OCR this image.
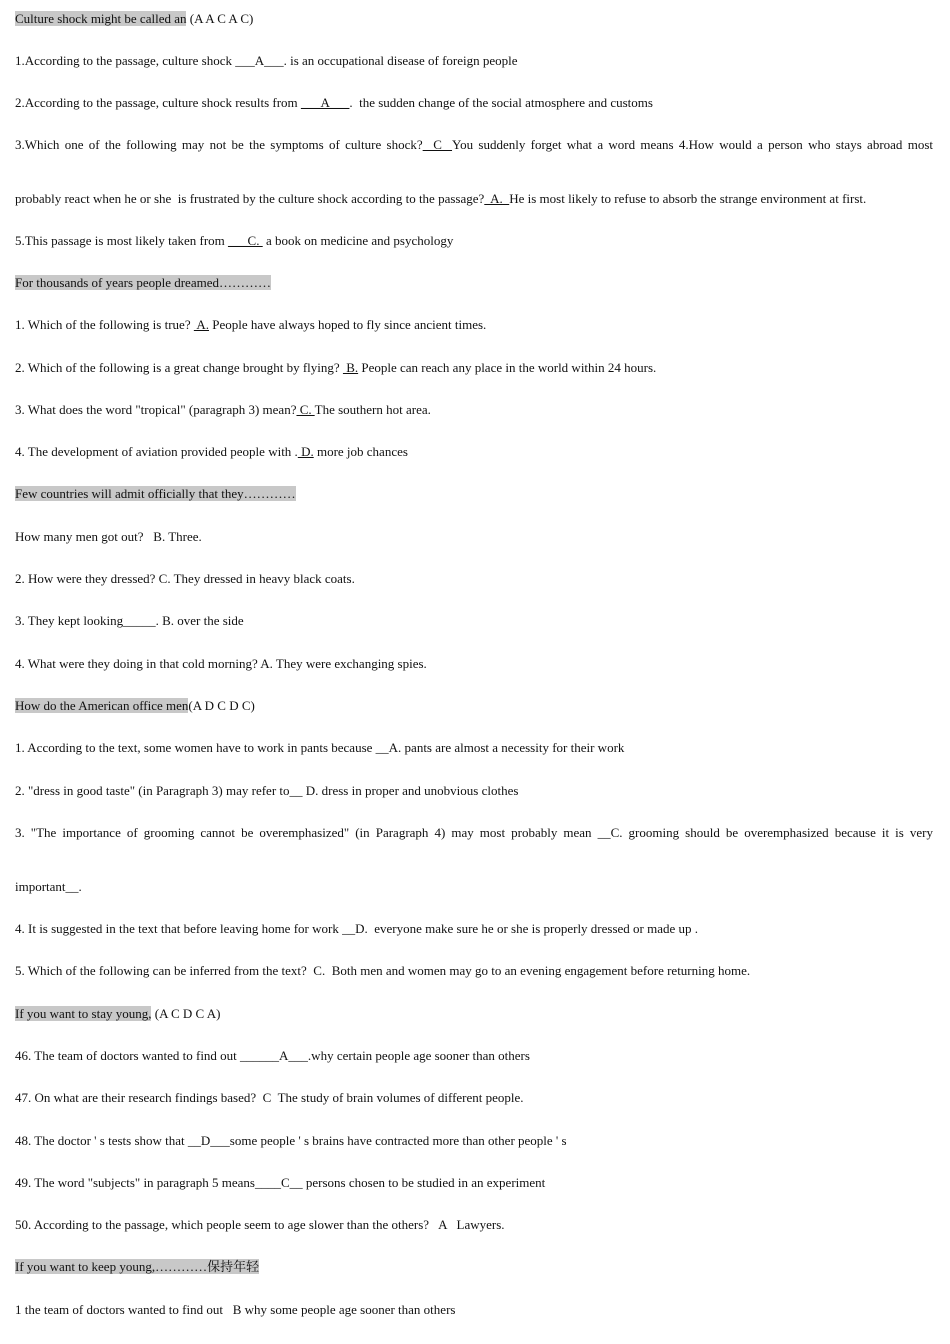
Culture shock might be called an (A A C A C)
1.According to the passage, culture shock ___A___. is an occupational disease of foreign people
2.According to the passage, culture shock results from ___A___.  the sudden change of the social atmosphere and customs
3.Which one of the following may not be the symptoms of culture shock?  C  You suddenly forget what a word means 4.How would a person who stays abroad most
probably react when he or she  is frustrated by the culture shock according to the passage?  A.  He is most likely to refuse to absorb the strange environment at first.
5.This passage is most likely taken from ___C.  a book on medicine and psychology
For thousands of years people dreamed…………
1. Which of the following is true?  A. People have always hoped to fly since ancient times.
2. Which of the following is a great change brought by flying?  B. People can reach any place in the world within 24 hours.
3. What does the word "tropical" (paragraph 3) mean? C. The southern hot area.
4. The development of aviation provided people with . D. more job chances
Few countries will admit officially that they…………
How many men got out?   B. Three.
2. How were they dressed? C. They dressed in heavy black coats.
3. They kept looking_____. B. over the side
4. What were they doing in that cold morning? A. They were exchanging spies.
How do the American office men(A D C D C)
1. According to the text, some women have to work in pants because __A. pants are almost a necessity for their work
2. "dress in good taste" (in Paragraph 3) may refer to__ D. dress in proper and unobvious clothes
3. "The importance of grooming cannot be overemphasized" (in Paragraph 4) may most probably mean __C. grooming should be overemphasized because it is very
important__.
4. It is suggested in the text that before leaving home for work __D.  everyone make sure he or she is properly dressed or made up .
5. Which of the following can be inferred from the text?  C.  Both men and women may go to an evening engagement before returning home.
If you want to stay young, (A C D C A)
46. The team of doctors wanted to find out ______A___.why certain people age sooner than others
47. On what are their research findings based?  C  The study of brain volumes of different people.
48. The doctor ' s tests show that __D___some people ' s brains have contracted more than other people ' s
49. The word "subjects" in paragraph 5 means____C__ persons chosen to be studied in an experiment
50. According to the passage, which people seem to age slower than the others?   A   Lawyers.
If you want to keep young,…………保持年轻
1 the team of doctors wanted to find out   B why some people age sooner than others
